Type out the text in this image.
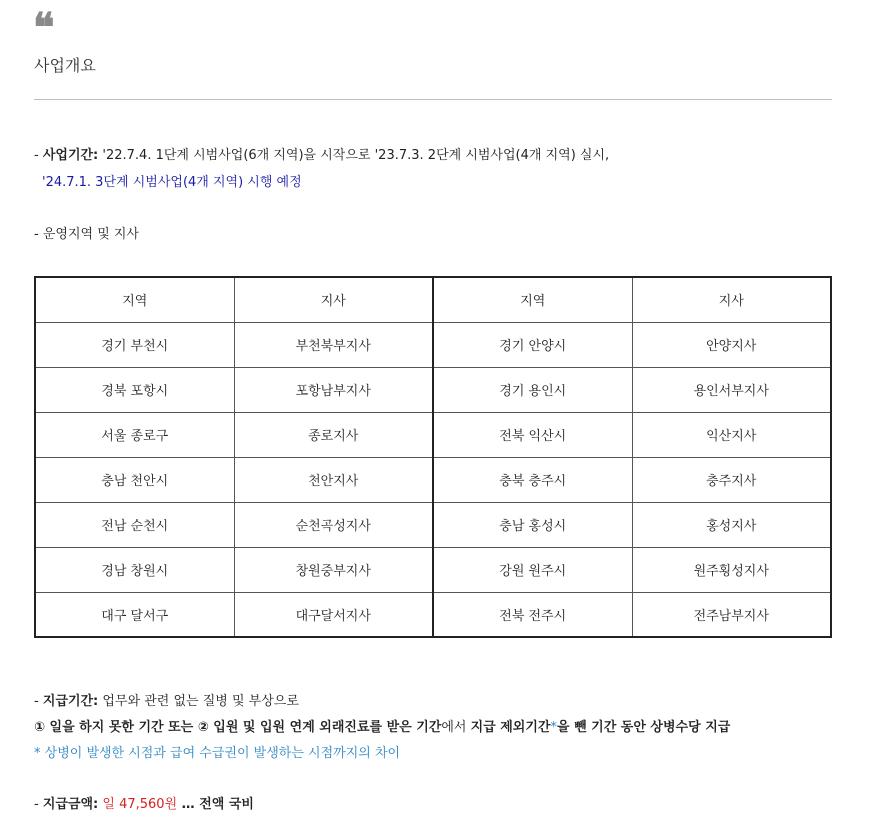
❝
사업개요
- 사업기간: '22.7.4. 1단계 시범사업(6개 지역)을 시작으로 '23.7.3. 2단계 시범사업(4개 지역) 실시,
'24.7.1. 3단계 시범사업(4개 지역) 시행 예정
- 운영지역 및 지사
지역	지사	지역	지사
경기 부천시	부천북부지사	경기 안양시	안양지사
경북 포항시	포항남부지사	경기 용인시	용인서부지사
서울 종로구	종로지사	전북 익산시	익산지사
충남 천안시	천안지사	충북 충주시	충주지사
전남 순천시	순천곡성지사	충남 홍성시	홍성지사
경남 창원시	창원중부지사	강원 원주시	원주횡성지사
대구 달서구	대구달서지사	전북 전주시	전주남부지사
- 지급기간: 업무와 관련 없는 질병 및 부상으로
① 일을 하지 못한 기간 또는 ② 입원 및 입원 연계 외래진료를 받은 기간에서 지급 제외기간*을 뺀 기간 동안 상병수당 지급
* 상병이 발생한 시점과 급여 수급권이 발생하는 시점까지의 차이
- 지급금액: 일 47,560원 … 전액 국비
